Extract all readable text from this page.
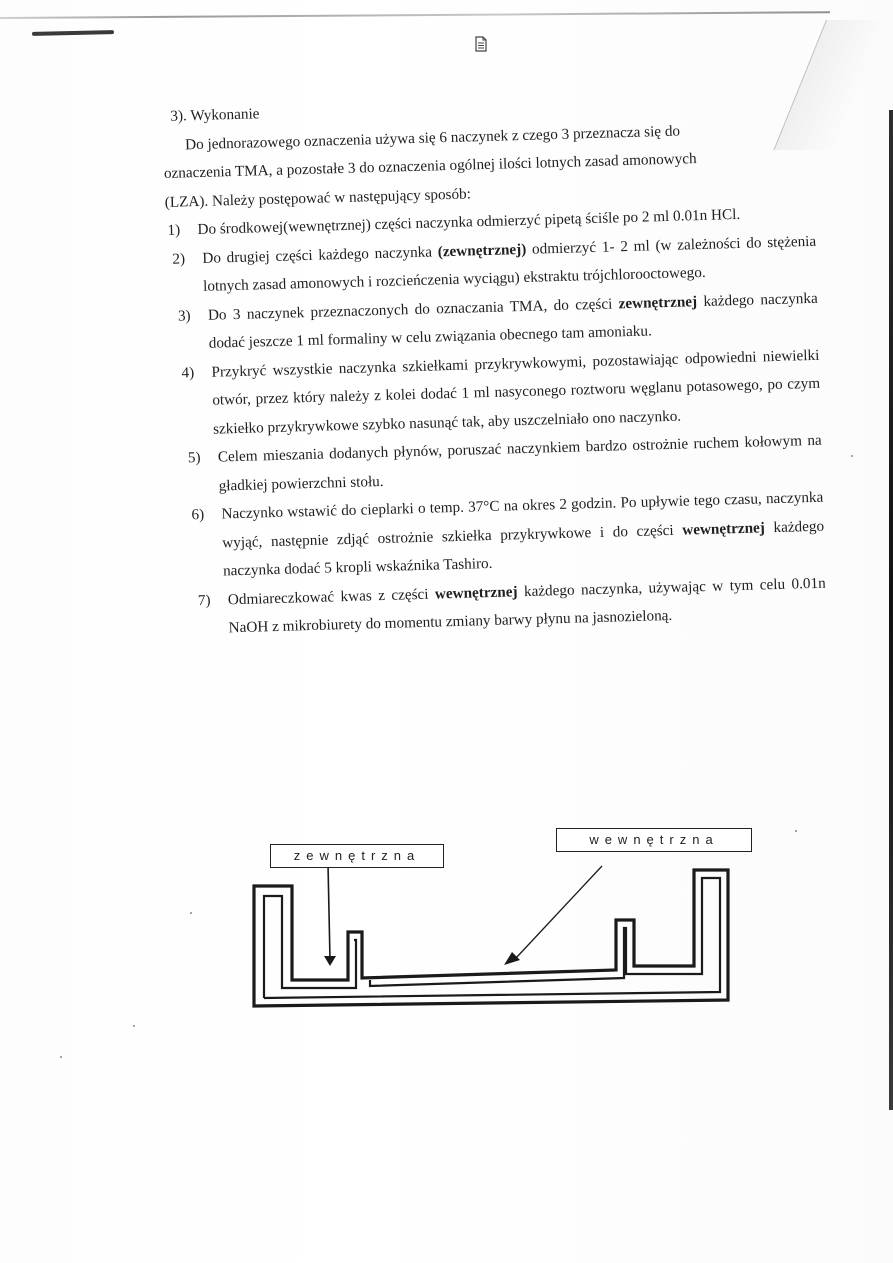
3). Wykonanie

Do jednorazowego oznaczenia używa się 6 naczynek z czego 3 przeznacza się do

oznaczenia TMA, a pozostałe 3 do oznaczenia ogólnej ilości lotnych zasad amonowych

(LZA). Należy postępować w następujący sposób:

1)	Do środkowej(wewnętrznej) części naczynka odmierzyć pipetą ściśle po 2 ml 0.01n HCl.
2)	Do drugiej części każdego naczynka (zewnętrznej) odmierzyć 1- 2 ml (w zależności do stężenia lotnych zasad amonowych i rozcieńczenia wyciągu) ekstraktu trójchlorooctowego.
3)	Do 3 naczynek przeznaczonych do oznaczania TMA, do części zewnętrznej każdego naczynka dodać jeszcze 1 ml formaliny w celu związania obecnego tam amoniaku.
4)	Przykryć wszystkie naczynka szkiełkami przykrywkowymi, pozostawiając odpowiedni niewielki otwór, przez który należy z kolei dodać 1 ml nasyconego roztworu węglanu potasowego, po czym szkiełko przykrywkowe szybko nasunąć tak, aby uszczelniało ono naczynko.
5)	Celem mieszania dodanych płynów, poruszać naczynkiem bardzo ostrożnie ruchem kołowym na gładkiej powierzchni stołu.
6)	Naczynko wstawić do cieplarki o temp. 37°C na okres 2 godzin. Po upływie tego czasu, naczynka wyjąć, następnie zdjąć ostrożnie szkiełka przykrywkowe i do części wewnętrznej każdego naczynka dodać 5 kropli wskaźnika Tashiro.
7)	Odmiareczkować kwas z części wewnętrznej każdego naczynka, używając w tym celu 0.01n NaOH z mikrobiurety do momentu zmiany barwy płynu na jasnozieloną.
zewnętrzna
wewnętrzna
